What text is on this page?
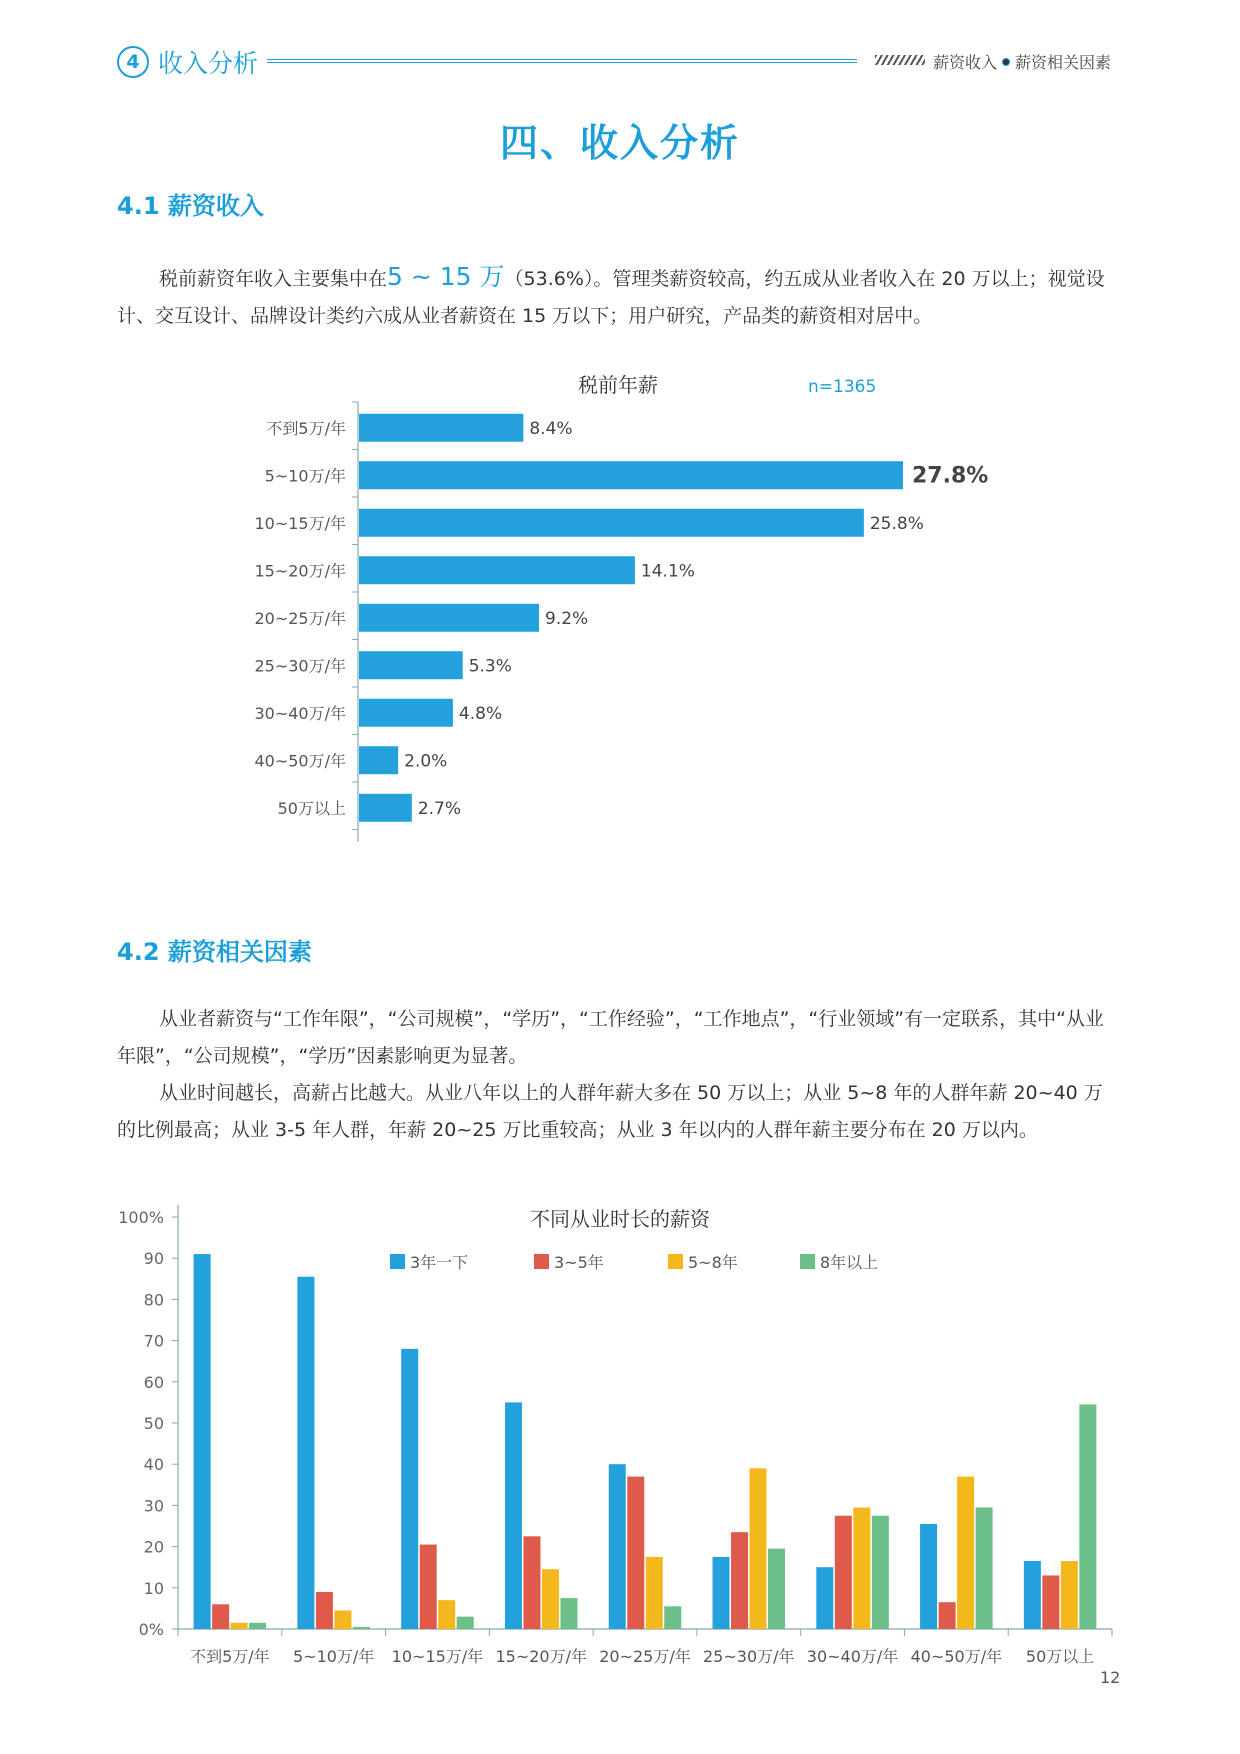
4 收入分析	薪资收入 薪资相关因素
四、收入分析
4.1 薪资收入

税前薪资年收入主要集中在5 ~ 15 万（53.6%）。管理类薪资较高，约五成从业者收入在 20 万以上；视觉设计、交互设计、品牌设计类约六成从业者薪资在 15 万以下；用户研究，产品类的薪资相对居中。

税前年薪	n=1365
不到5万/年
5~10万/年
10~15万/年
15~20万/年
20~25万/年
25~30万/年
30~40万/年
40~50万/年
50万以上
8.4%
27.8%
25.8%
14.1%
9.2%
5.3%
4.8%
2.0%
2.7%
4.2 薪资相关因素

从业者薪资与“工作年限”，“公司规模”，“学历”，“工作经验”，“工作地点”，“行业领域”有一定联系，其中“从业年限”，“公司规模”，“学历”因素影响更为显著。

从业时间越长，高薪占比越大。从业八年以上的人群年薪大多在 50 万以上；从业 5~8 年的人群年薪 20~40 万的比例最高；从业 3-5 年人群，年薪 20~25 万比重较高；从业 3 年以内的人群年薪主要分布在 20 万以内。

不同从业时长的薪资
3年一下	3~5年	5~8年	8年以上
0%
10
20
30
40
50
60
70
80
90
100%
不到5万/年 5~10万/年 10~15万/年 15~20万/年 20~25万/年 25~30万/年 30~40万/年 40~50万/年 50万以上
12
